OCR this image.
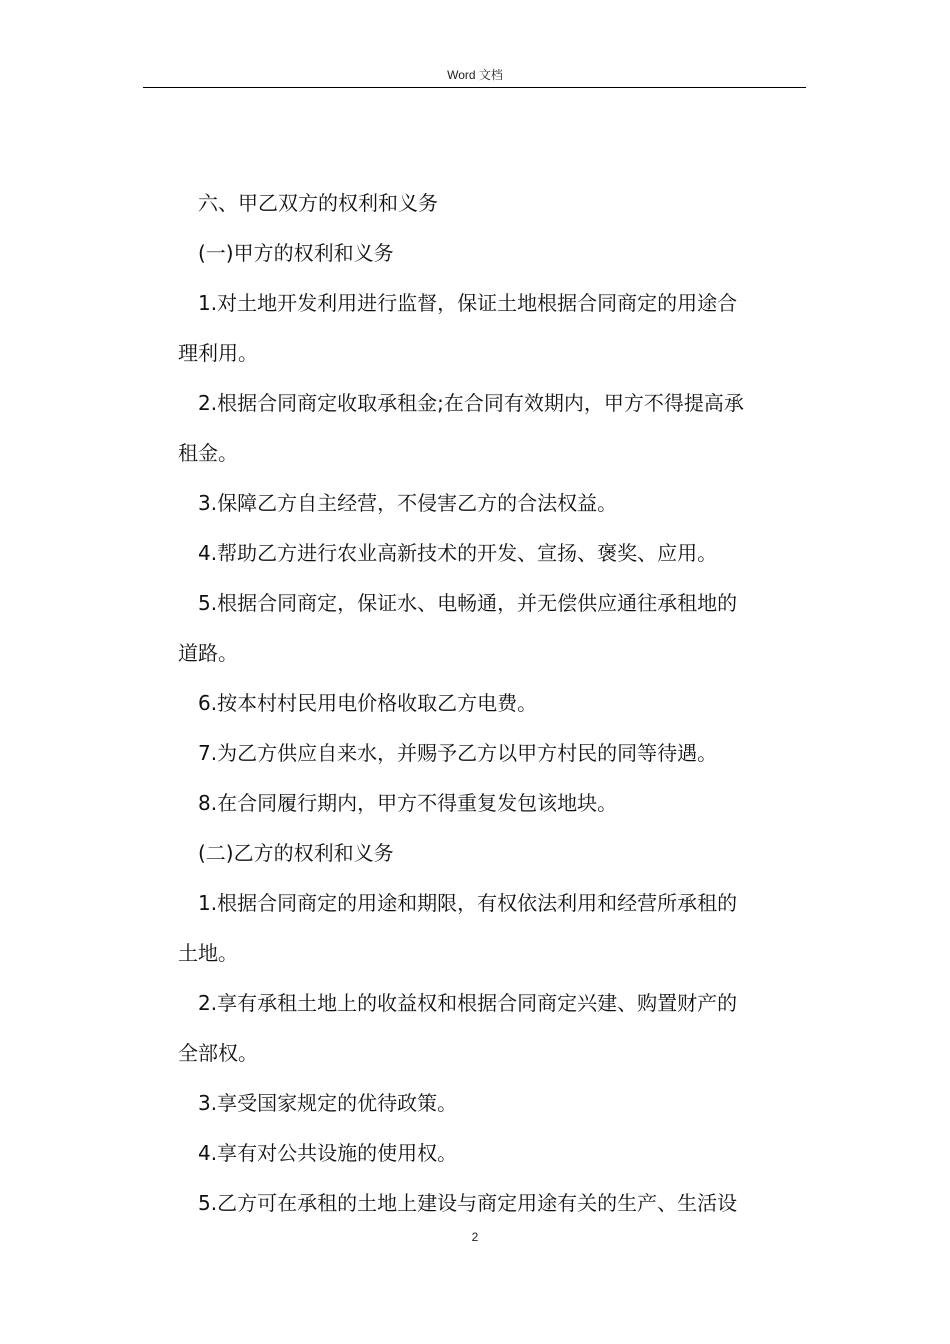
Word 文档

六、甲乙双方的权利和义务

(一)甲方的权利和义务

1.对土地开发利用进行监督，保证土地根据合同商定的用途合

理利用。

2.根据合同商定收取承租金;在合同有效期内，甲方不得提高承

租金。

3.保障乙方自主经营，不侵害乙方的合法权益。

4.帮助乙方进行农业高新技术的开发、宣扬、褒奖、应用。

5.根据合同商定，保证水、电畅通，并无偿供应通往承租地的

道路。

6.按本村村民用电价格收取乙方电费。

7.为乙方供应自来水，并赐予乙方以甲方村民的同等待遇。

8.在合同履行期内，甲方不得重复发包该地块。

(二)乙方的权利和义务

1.根据合同商定的用途和期限，有权依法利用和经营所承租的

土地。

2.享有承租土地上的收益权和根据合同商定兴建、购置财产的

全部权。

3.享受国家规定的优待政策。

4.享有对公共设施的使用权。

5.乙方可在承租的土地上建设与商定用途有关的生产、生活设

2
